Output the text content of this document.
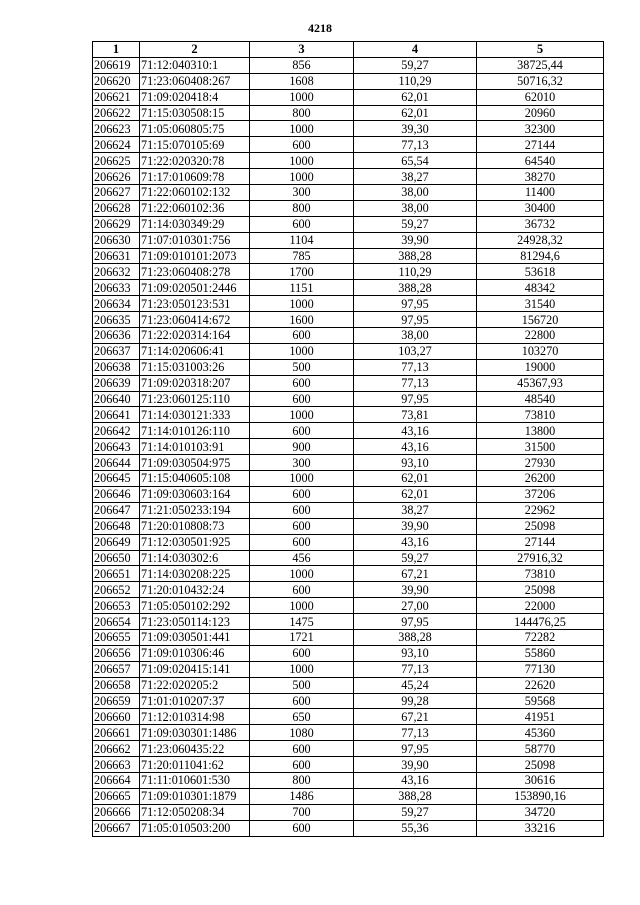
4218
1	2	3	4	5
206619	71:12:040310:1	856	59,27	38725,44
206620	71:23:060408:267	1608	110,29	50716,32
206621	71:09:020418:4	1000	62,01	62010
206622	71:15:030508:15	800	62,01	20960
206623	71:05:060805:75	1000	39,30	32300
206624	71:15:070105:69	600	77,13	27144
206625	71:22:020320:78	1000	65,54	64540
206626	71:17:010609:78	1000	38,27	38270
206627	71:22:060102:132	300	38,00	11400
206628	71:22:060102:36	800	38,00	30400
206629	71:14:030349:29	600	59,27	36732
206630	71:07:010301:756	1104	39,90	24928,32
206631	71:09:010101:2073	785	388,28	81294,6
206632	71:23:060408:278	1700	110,29	53618
206633	71:09:020501:2446	1151	388,28	48342
206634	71:23:050123:531	1000	97,95	31540
206635	71:23:060414:672	1600	97,95	156720
206636	71:22:020314:164	600	38,00	22800
206637	71:14:020606:41	1000	103,27	103270
206638	71:15:031003:26	500	77,13	19000
206639	71:09:020318:207	600	77,13	45367,93
206640	71:23:060125:110	600	97,95	48540
206641	71:14:030121:333	1000	73,81	73810
206642	71:14:010126:110	600	43,16	13800
206643	71:14:010103:91	900	43,16	31500
206644	71:09:030504:975	300	93,10	27930
206645	71:15:040605:108	1000	62,01	26200
206646	71:09:030603:164	600	62,01	37206
206647	71:21:050233:194	600	38,27	22962
206648	71:20:010808:73	600	39,90	25098
206649	71:12:030501:925	600	43,16	27144
206650	71:14:030302:6	456	59,27	27916,32
206651	71:14:030208:225	1000	67,21	73810
206652	71:20:010432:24	600	39,90	25098
206653	71:05:050102:292	1000	27,00	22000
206654	71:23:050114:123	1475	97,95	144476,25
206655	71:09:030501:441	1721	388,28	72282
206656	71:09:010306:46	600	93,10	55860
206657	71:09:020415:141	1000	77,13	77130
206658	71:22:020205:2	500	45,24	22620
206659	71:01:010207:37	600	99,28	59568
206660	71:12:010314:98	650	67,21	41951
206661	71:09:030301:1486	1080	77,13	45360
206662	71:23:060435:22	600	97,95	58770
206663	71:20:011041:62	600	39,90	25098
206664	71:11:010601:530	800	43,16	30616
206665	71:09:010301:1879	1486	388,28	153890,16
206666	71:12:050208:34	700	59,27	34720
206667	71:05:010503:200	600	55,36	33216
